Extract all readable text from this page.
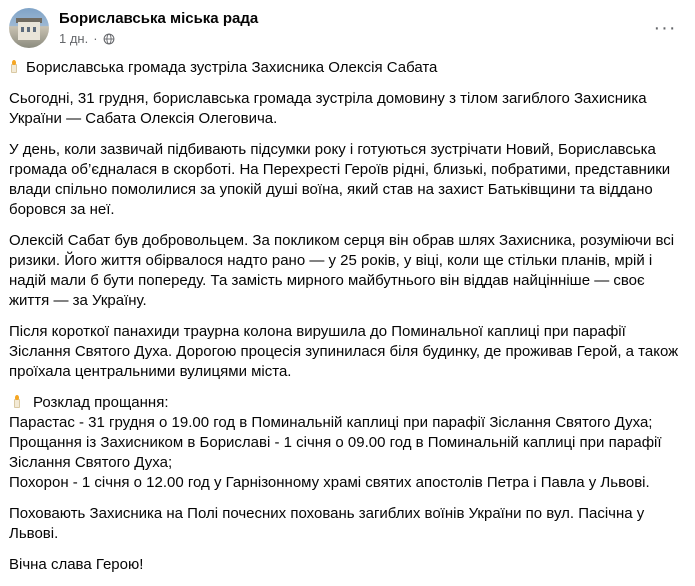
Бориславська міська рада
1 дн. ·	···

Бориславська громада зустріла Захисника Олексія Сабата

Сьогодні, 31 грудня, бориславська громада зустріла домовину з тілом загиблого Захисника України — Сабата Олексія Олеговича.

У день, коли зазвичай підбивають підсумки року і готуються зустрічати Новий, Бориславська громада об’єдналася в скорботі. На Перехресті Героїв рідні, близькі, побратими, представники влади спільно помолилися за упокій душі воїна, який став на захист Батьківщини та віддано боровся за неї.

Олексій Сабат був добровольцем. За покликом серця він обрав шлях Захисника, розуміючи всі ризики. Його життя обірвалося надто рано — у 25 років, у віці, коли ще стільки планів, мрій і надій мали б бути попереду. Та замість мирного майбутнього він віддав найцінніше — своє життя — за Україну.

Після короткої панахиди траурна колона вирушила до Поминальної каплиці при парафії Зіслання Святого Духа. Дорогою процесія зупинилася біля будинку, де проживав Герой, а також проїхала центральними вулицями міста.

Розклад прощання:

Парастас - 31 грудня о 19.00 год в Поминальній каплиці при парафії Зіслання Святого Духа;

Прощання із Захисником в Бориславі - 1 січня о 09.00 год в Поминальній каплиці при парафії Зіслання Святого Духа;

Похорон - 1 січня о 12.00 год у Гарнізонному храмі святих апостолів Петра і Павла у Львові.

Поховають Захисника на Полі почесних поховань загиблих воїнів України по вул. Пасічна у Львові.

Вічна слава Герою!
